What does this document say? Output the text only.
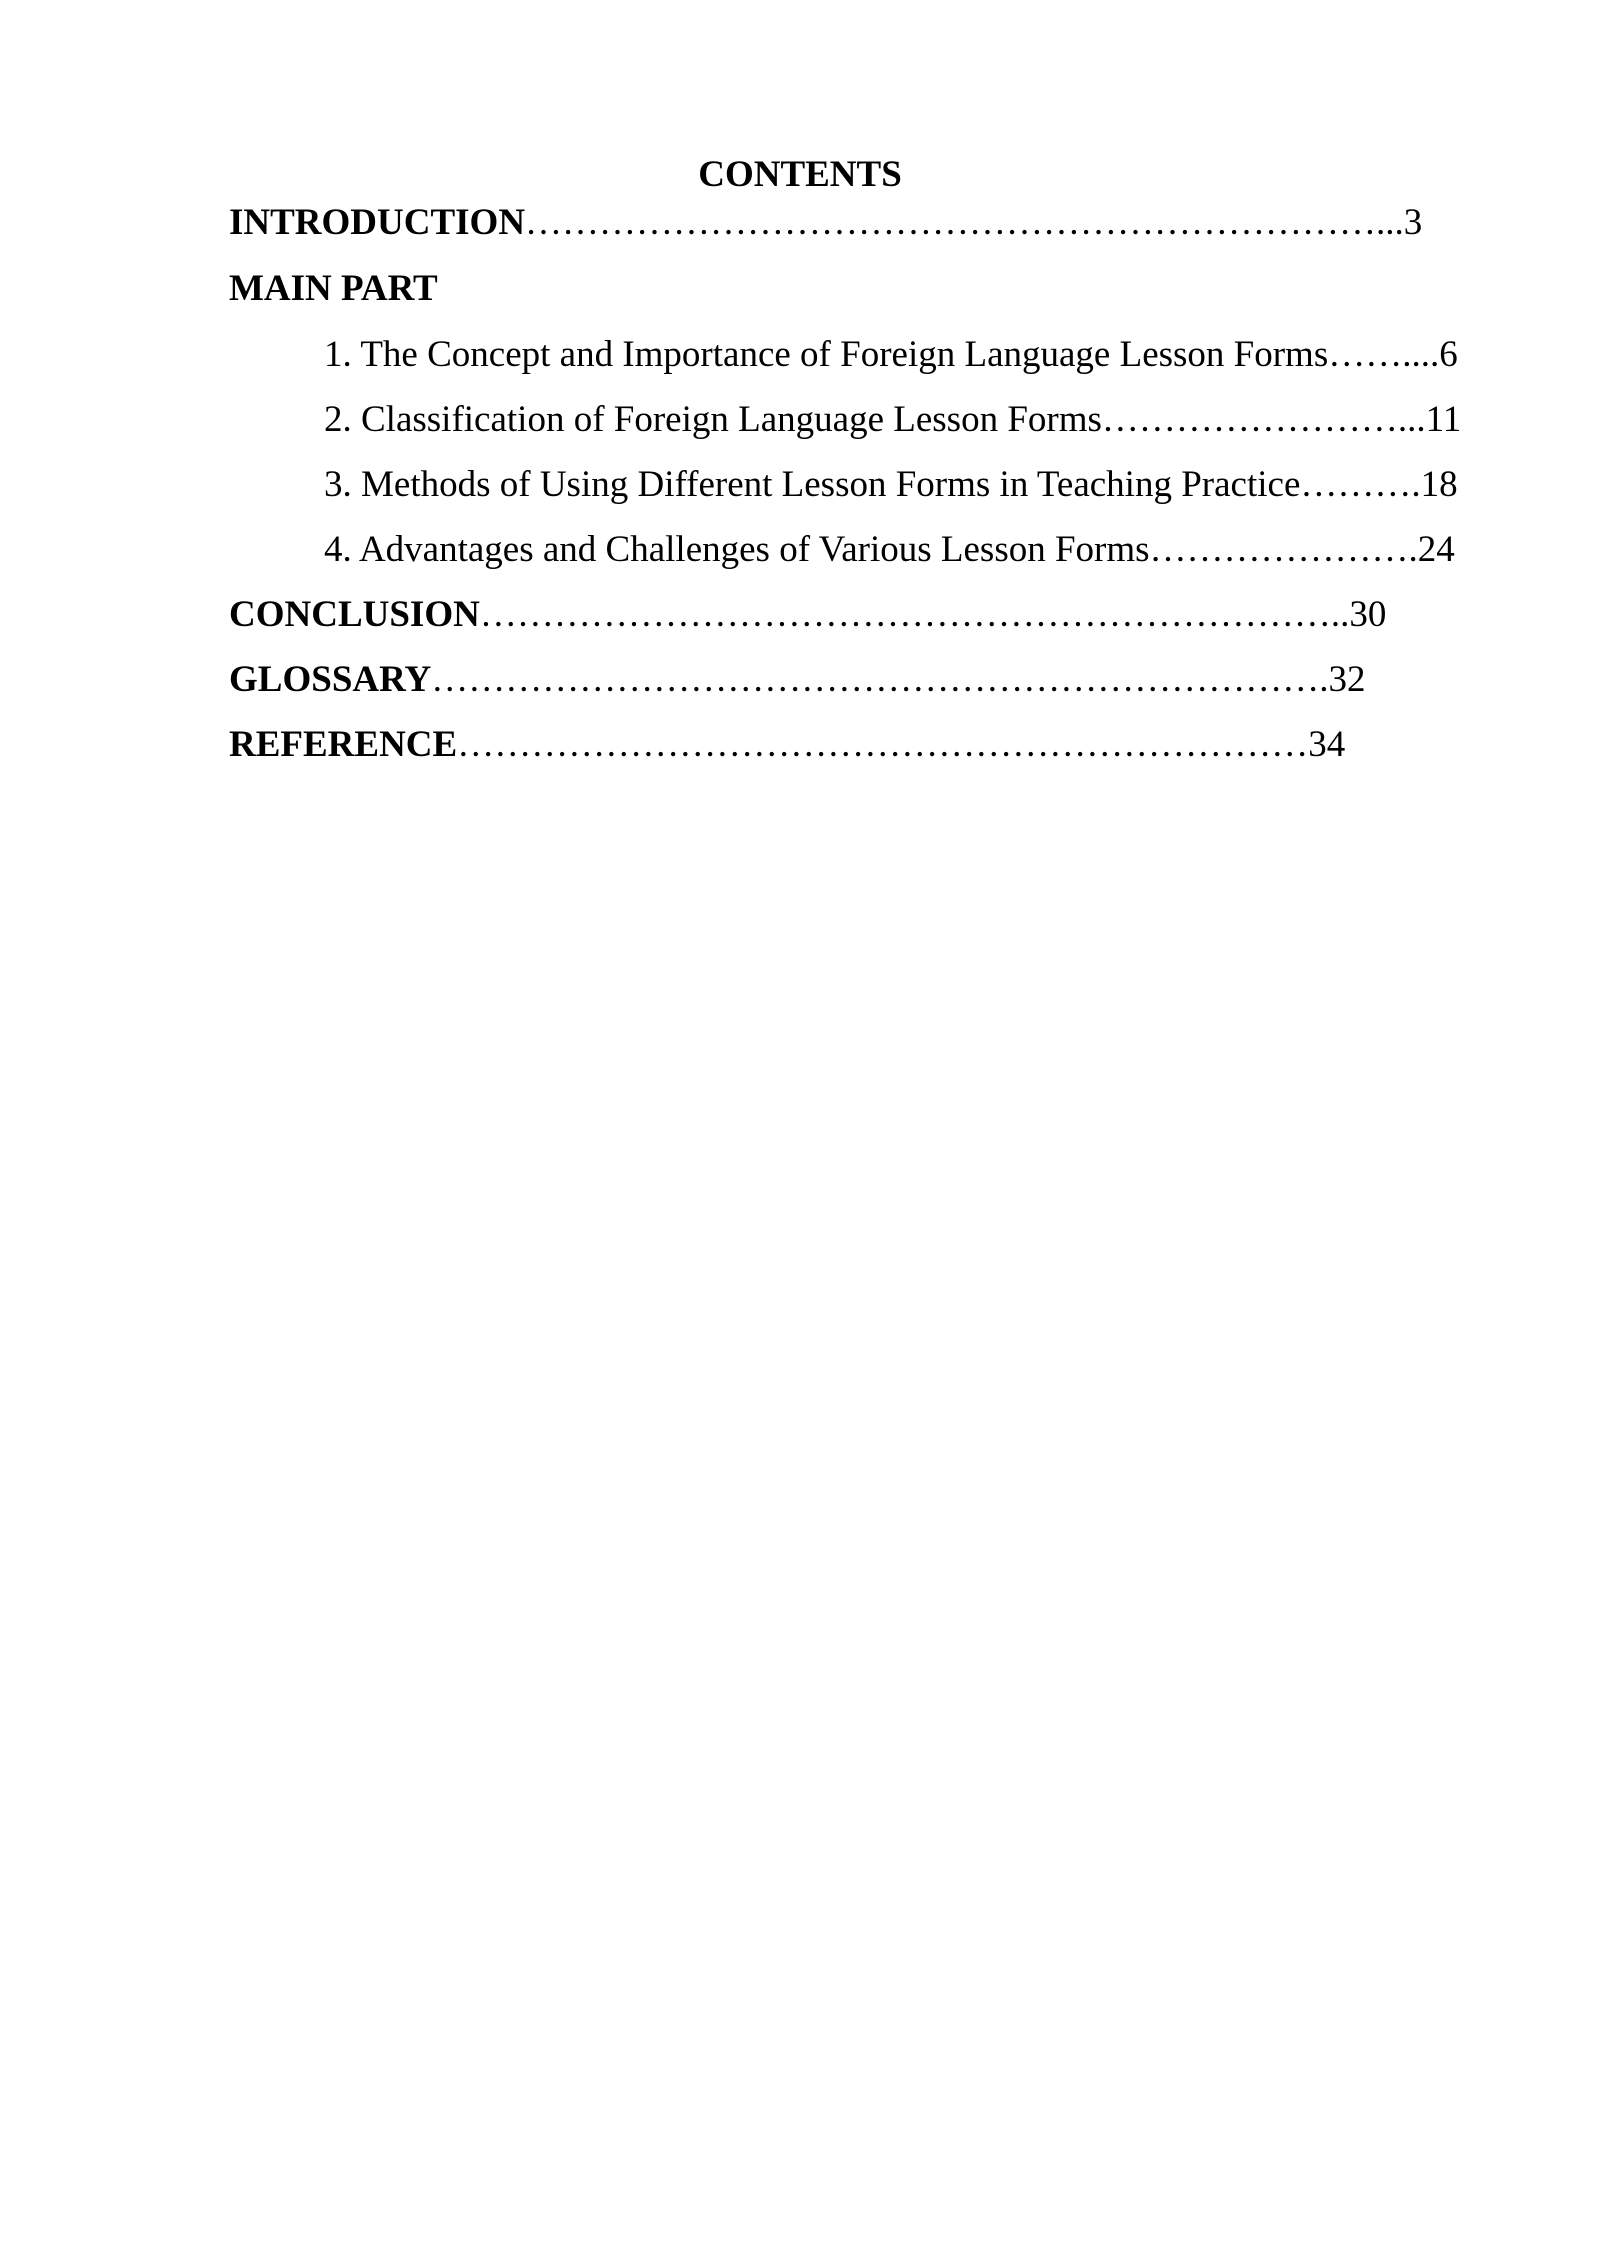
CONTENTS
INTRODUCTION……………………………………………………………...3
MAIN PART
1. The Concept and Importance of Foreign Language Lesson Forms……....6
2. Classification of Foreign Language Lesson Forms……………………...11
3. Methods of Using Different Lesson Forms in Teaching Practice……….18
4. Advantages and Challenges of Various Lesson Forms………………….24
CONCLUSION……………………………………………………………..30
GLOSSARY……………………………………………………………….32
REFERENCE……………………………………………………………34
